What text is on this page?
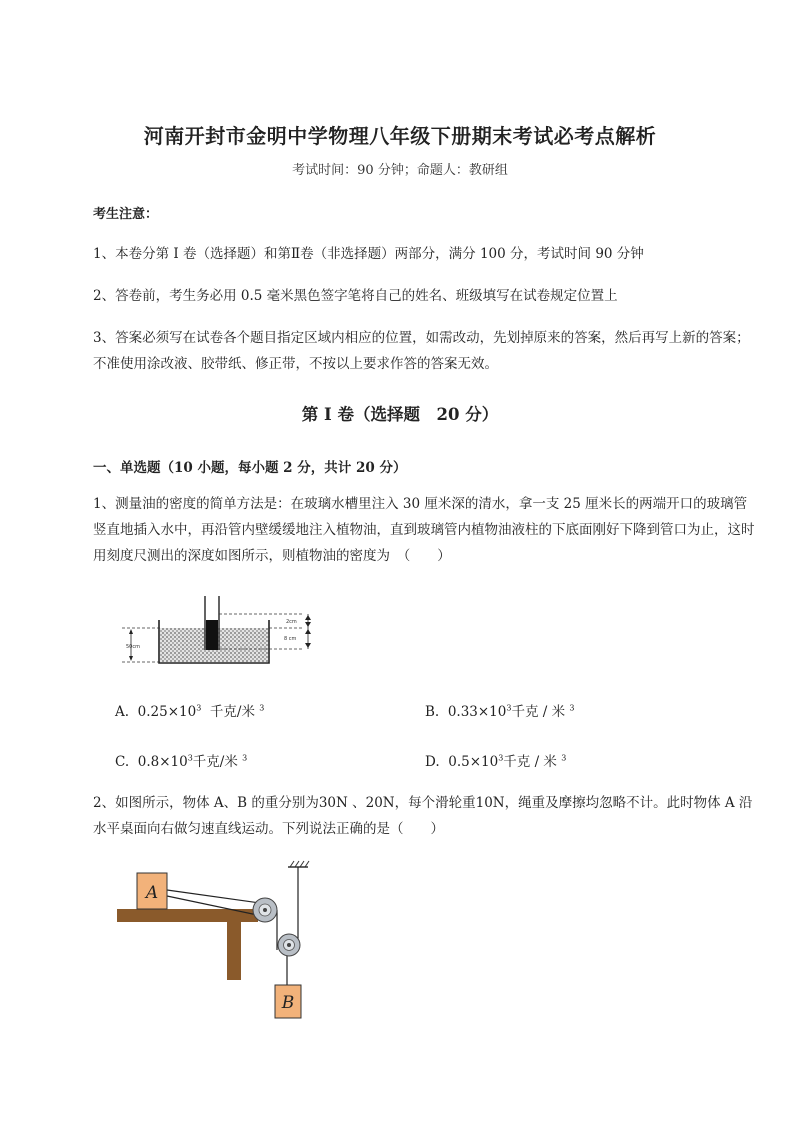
河南开封市金明中学物理八年级下册期末考试必考点解析
考试时间：90 分钟；命题人：教研组
考生注意：
1、本卷分第 I 卷（选择题）和第Ⅱ卷（非选择题）两部分，满分 100 分，考试时间 90 分钟
2、答卷前，考生务必用 0.5 毫米黑色签字笔将自己的姓名、班级填写在试卷规定位置上
3、答案必须写在试卷各个题目指定区域内相应的位置，如需改动，先划掉原来的答案，然后再写上新的答案；不准使用涂改液、胶带纸、修正带，不按以上要求作答的答案无效。
第 I 卷（选择题　20 分）
一、单选题（10 小题，每小题 2 分，共计 20 分）
1、测量油的密度的简单方法是：在玻璃水槽里注入 30 厘米深的清水，拿一支 25 厘米长的两端开口的玻璃管竖直地插入水中，再沿管内壁缓缓地注入植物油，直到玻璃管内植物油液柱的下底面刚好下降到管口为止，这时用刻度尺测出的深度如图所示，则植物油的密度为　（　　）
50cm
2cm
8 cm
A. $0.25\times 10^3$ 千克/米 $^3$	B. $0.33\times 10^3$千克 / 米 $^3$
C. $0.8\times 10^3$千克/米 $^3$	D. $0.5\times 10^3$千克 / 米 $^3$
2、如图所示，物体 A、B 的重分别为30N 、20N，每个滑轮重10N，绳重及摩擦均忽略不计。此时物体 A 沿水平桌面向右做匀速直线运动。下列说法正确的是（　　）
A
B
